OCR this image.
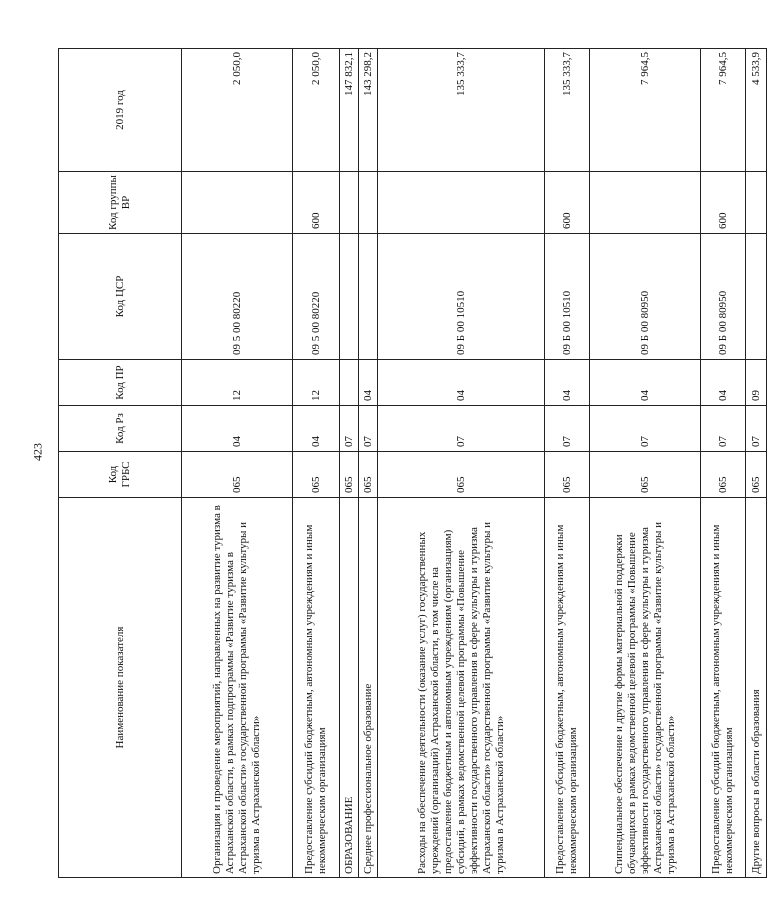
423
Наименование показателя	Код ГРБС	Код Рз	Код ПР	Код ЦСР	Код группы ВР	2019 год
Организация и проведение мероприятий, направленных на развитие туризма в Астраханской области, в рамках подпрограммы «Развитие туризма в Астраханской области» государственной программы «Развитие культуры и туризма в Астраханской области»	065	04	12	09 5 00 80220		2 050,0
Предоставление субсидий бюджетным, автономным учреждениям и иным некоммерческим организациям	065	04	12	09 5 00 80220	600	2 050,0
ОБРАЗОВАНИЕ	065	07				147 832,1
Среднее профессиональное образование	065	07	04			143 298,2
Расходы на обеспечение деятельности (оказание услуг) государственных учреждений (организаций) Астраханской области, в том числе на предоставление бюджетным и автономным учреждениям (организациям) субсидий, в рамках ведомственной целевой программы «Повышение эффективности государственного управления в сфере культуры и туризма Астраханской области» государственной программы «Развитие культуры и туризма в Астраханской области»	065	07	04	09 Б 00 10510		135 333,7
Предоставление субсидий бюджетным, автономным учреждениям и иным некоммерческим организациям	065	07	04	09 Б 00 10510	600	135 333,7
Стипендиальное обеспечение и другие формы материальной поддержки обучающихся в рамках ведомственной целевой программы «Повышение эффективности государственного управления в сфере культуры и туризма Астраханской области» государственной программы «Развитие культуры и туризма в Астраханской области»	065	07	04	09 Б 00 80950		7 964,5
Предоставление субсидий бюджетным, автономным учреждениям и иным некоммерческим организациям	065	07	04	09 Б 00 80950	600	7 964,5
Другие вопросы в области образования	065	07	09			4 533,9
